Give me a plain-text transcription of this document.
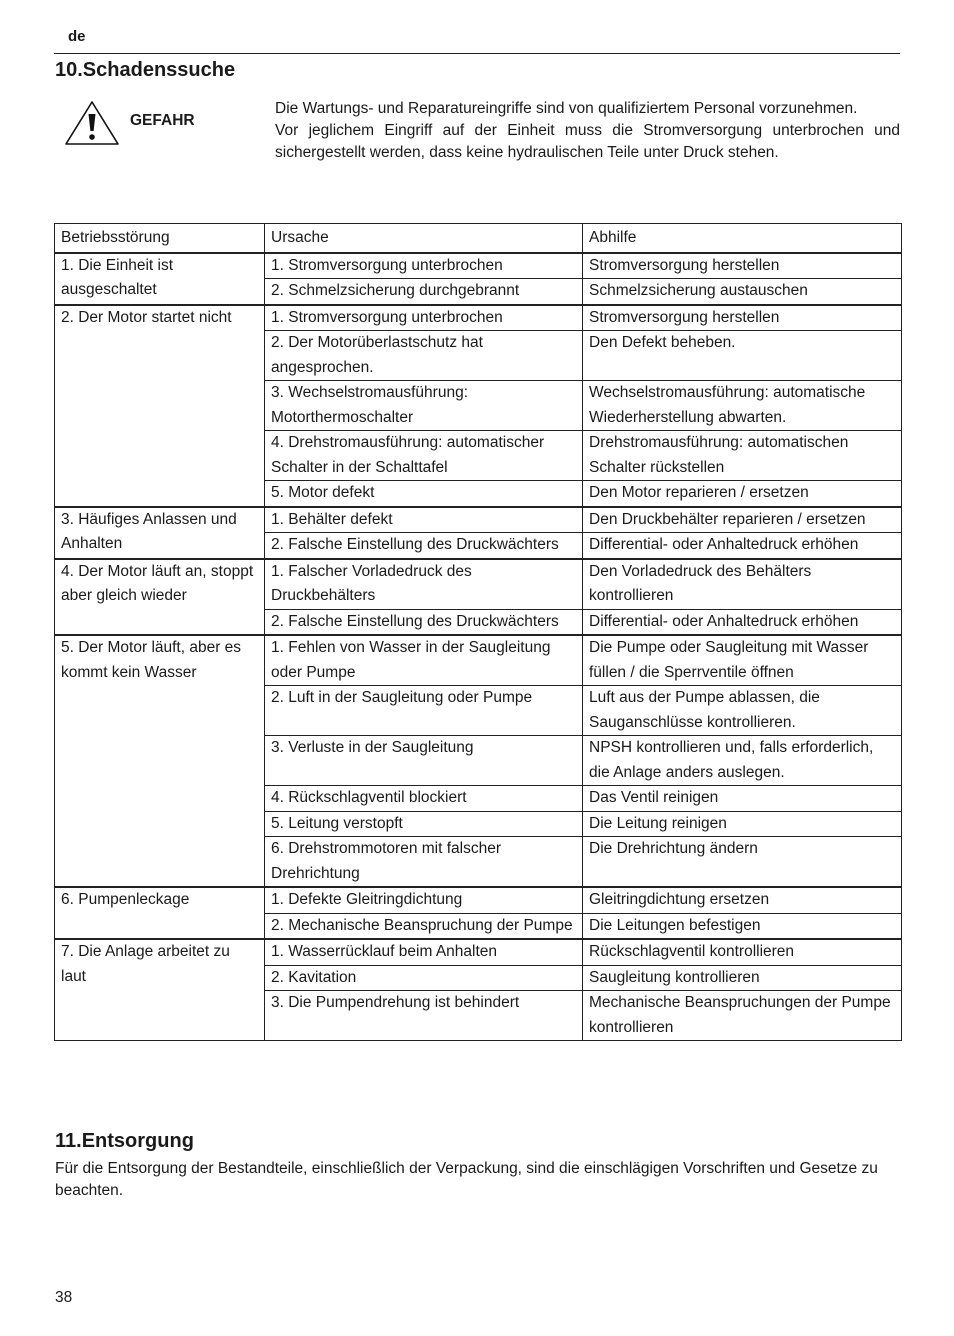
de
10.Schadenssuche
GEFAHR

Die Wartungs- und Reparatureingriffe sind von qualifiziertem Personal vorzunehmen.

Vor jeglichem Eingriff auf der Einheit muss die Stromversorgung unterbrochen und sichergestellt werden, dass keine hydraulischen Teile unter Druck stehen.

Betriebsstörung	Ursache	Abhilfe
1. Die Einheit ist ausgeschaltet	1. Stromversorgung unterbrochen	Stromversorgung herstellen
	2. Schmelzsicherung durchgebrannt	Schmelzsicherung austauschen
2. Der Motor startet nicht	1. Stromversorgung unterbrochen	Stromversorgung herstellen
	2. Der Motorüberlastschutz hat angesprochen.	Den Defekt beheben.
	3. Wechselstromausführung: Motorthermoschalter	Wechselstromausführung: automatische Wiederherstellung abwarten.
	4. Drehstromausführung: automatischer Schalter in der Schalttafel	Drehstromausführung: automatischen Schalter rückstellen
	5. Motor defekt	Den Motor reparieren / ersetzen
3. Häufiges Anlassen und Anhalten	1. Behälter defekt	Den Druckbehälter reparieren / ersetzen
	2. Falsche Einstellung des Druckwächters	Differential- oder Anhaltedruck erhöhen
4. Der Motor läuft an, stoppt aber gleich wieder	1. Falscher Vorladedruck des Druckbehälters	Den Vorladedruck des Behälters kontrollieren
	2. Falsche Einstellung des Druckwächters	Differential- oder Anhaltedruck erhöhen
5. Der Motor läuft, aber es kommt kein Wasser	1. Fehlen von Wasser in der Saugleitung oder Pumpe	Die Pumpe oder Saugleitung mit Wasser füllen / die Sperrventile öffnen
	2. Luft in der Saugleitung oder Pumpe	Luft aus der Pumpe ablassen, die Sauganschlüsse kontrollieren.
	3. Verluste in der Saugleitung	NPSH kontrollieren und, falls erforderlich, die Anlage anders auslegen.
	4. Rückschlagventil blockiert	Das Ventil reinigen
	5. Leitung verstopft	Die Leitung reinigen
	6. Drehstrommotoren mit falscher Drehrichtung	Die Drehrichtung ändern
6. Pumpenleckage	1. Defekte Gleitringdichtung	Gleitringdichtung ersetzen
	2. Mechanische Beanspruchung der Pumpe	Die Leitungen befestigen
7. Die Anlage arbeitet zu laut	1. Wasserrücklauf beim Anhalten	Rückschlagventil kontrollieren
	2. Kavitation	Saugleitung kontrollieren
	3. Die Pumpendrehung ist behindert	Mechanische Beanspruchungen der Pumpe kontrollieren
11.Entsorgung

Für die Entsorgung der Bestandteile, einschließlich der Verpackung, sind die einschlägigen Vorschriften und Gesetze zu beachten.

38
